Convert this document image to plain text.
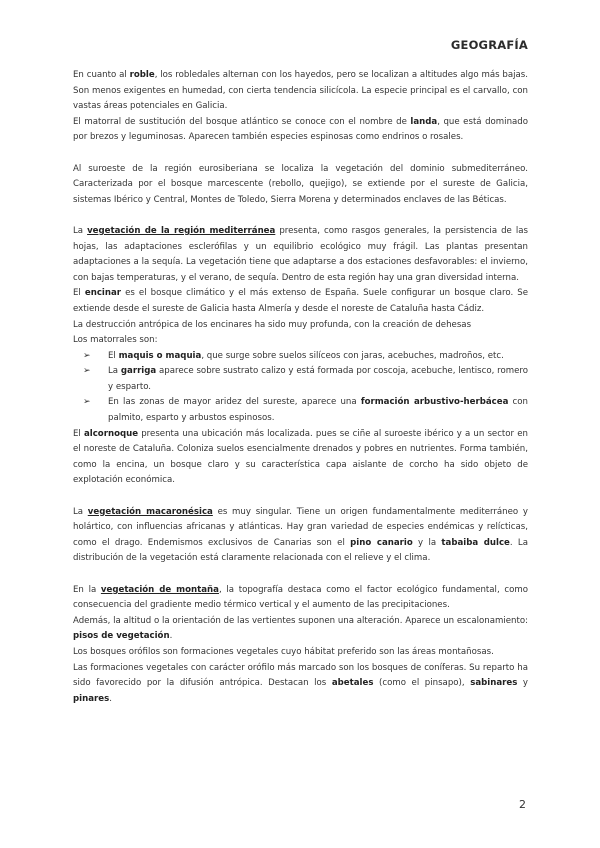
GEOGRAFÍA

En cuanto al roble, los robledales alternan con los hayedos, pero se localizan a altitudes algo más bajas. Son menos exigentes en humedad, con cierta tendencia silicícola. La especie principal es el carvallo, con vastas áreas potenciales en Galicia.

El matorral de sustitución del bosque atlántico se conoce con el nombre de landa, que está dominado por brezos y leguminosas. Aparecen también especies espinosas como endrinos o rosales.

Al suroeste de la región eurosiberiana se localiza la vegetación del dominio submediterráneo. Caracterizada por el bosque marcescente (rebollo, quejigo), se extiende por el sureste de Galicia, sistemas Ibérico y Central, Montes de Toledo, Sierra Morena y determinados enclaves de las Béticas.

La vegetación de la región mediterránea presenta, como rasgos generales, la persistencia de las hojas, las adaptaciones esclerófilas y un equilibrio ecológico muy frágil. Las plantas presentan adaptaciones a la sequía. La vegetación tiene que adaptarse a dos estaciones desfavorables: el invierno, con bajas temperaturas, y el verano, de sequía. Dentro de esta región hay una gran diversidad interna.

El encinar es el bosque climático y el más extenso de España. Suele configurar un bosque claro. Se extiende desde el sureste de Galicia hasta Almería y desde el noreste de Cataluña hasta Cádiz.

La destrucción antrópica de los encinares ha sido muy profunda, con la creación de dehesas

Los matorrales son:

➢ El maquis o maquia, que surge sobre suelos silíceos con jaras, acebuches, madroños, etc.
➢ La garriga aparece sobre sustrato calizo y está formada por coscoja, acebuche, lentisco, romero y esparto.
➢ En las zonas de mayor aridez del sureste, aparece una formación arbustivo-herbácea con palmito, esparto y arbustos espinosos.

El alcornoque presenta una ubicación más localizada. pues se ciñe al suroeste ibérico y a un sector en el noreste de Cataluña. Coloniza suelos esencialmente drenados y pobres en nutrientes. Forma también, como la encina, un bosque claro y su característica capa aislante de corcho ha sido objeto de explotación económica.

La vegetación macaronésica es muy singular. Tiene un origen fundamentalmente mediterráneo y holártico, con influencias africanas y atlánticas. Hay gran variedad de especies endémicas y relícticas, como el drago. Endemismos exclusivos de Canarias son el pino canario y la tabaiba dulce. La distribución de la vegetación está claramente relacionada con el relieve y el clima.

En la vegetación de montaña, la topografía destaca como el factor ecológico fundamental, como consecuencia del gradiente medio térmico vertical y el aumento de las precipitaciones.

Además, la altitud o la orientación de las vertientes suponen una alteración. Aparece un escalonamiento: pisos de vegetación.

Los bosques orófilos son formaciones vegetales cuyo hábitat preferido son las áreas montañosas.

Las formaciones vegetales con carácter orófilo más marcado son los bosques de coníferas. Su reparto ha sido favorecido por la difusión antrópica. Destacan los abetales (como el pinsapo), sabinares y pinares.

2
